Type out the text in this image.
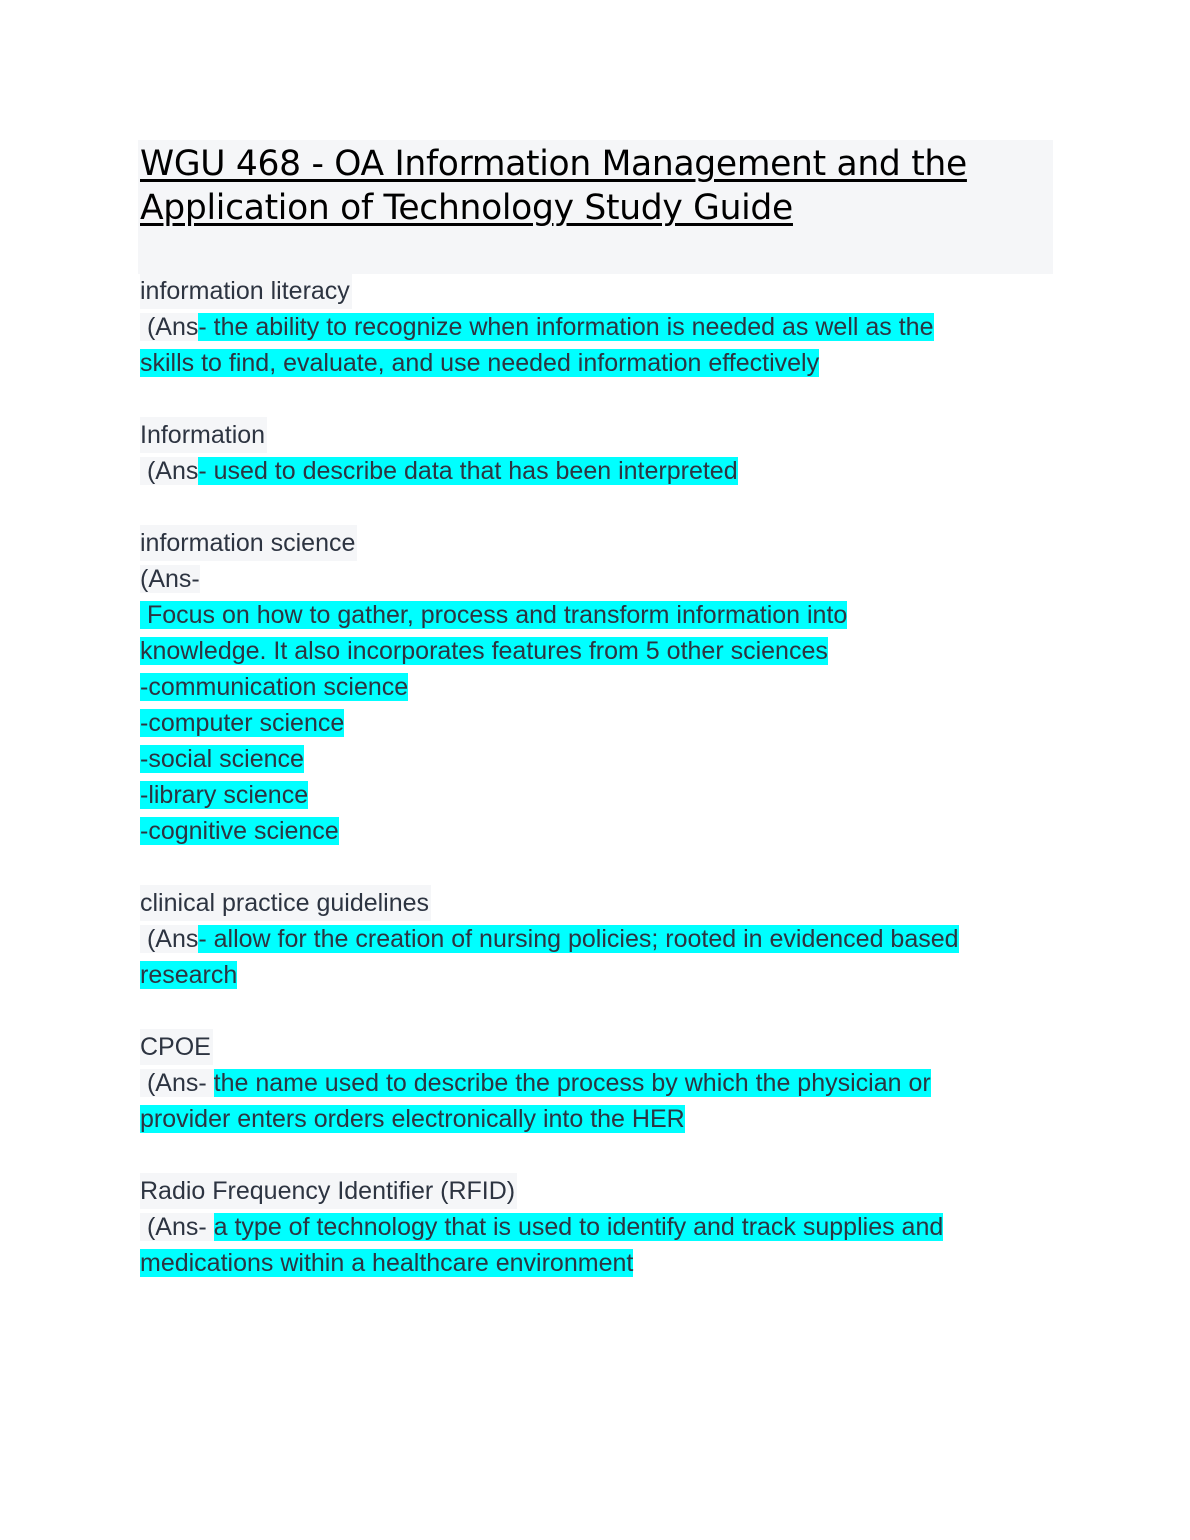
WGU 468 - OA Information Management and the
Application of Technology Study Guide
information literacy
(Ans- the ability to recognize when information is needed as well as the
skills to find, evaluate, and use needed information effectively
Information
(Ans- used to describe data that has been interpreted
information science
(Ans-
Focus on how to gather, process and transform information into
knowledge. It also incorporates features from 5 other sciences
-communication science
-computer science
-social science
-library science
-cognitive science
clinical practice guidelines
(Ans- allow for the creation of nursing policies; rooted in evidenced based
research
CPOE
(Ans- the name used to describe the process by which the physician or
provider enters orders electronically into the HER
Radio Frequency Identifier (RFID)
(Ans- a type of technology that is used to identify and track supplies and
medications within a healthcare environment
